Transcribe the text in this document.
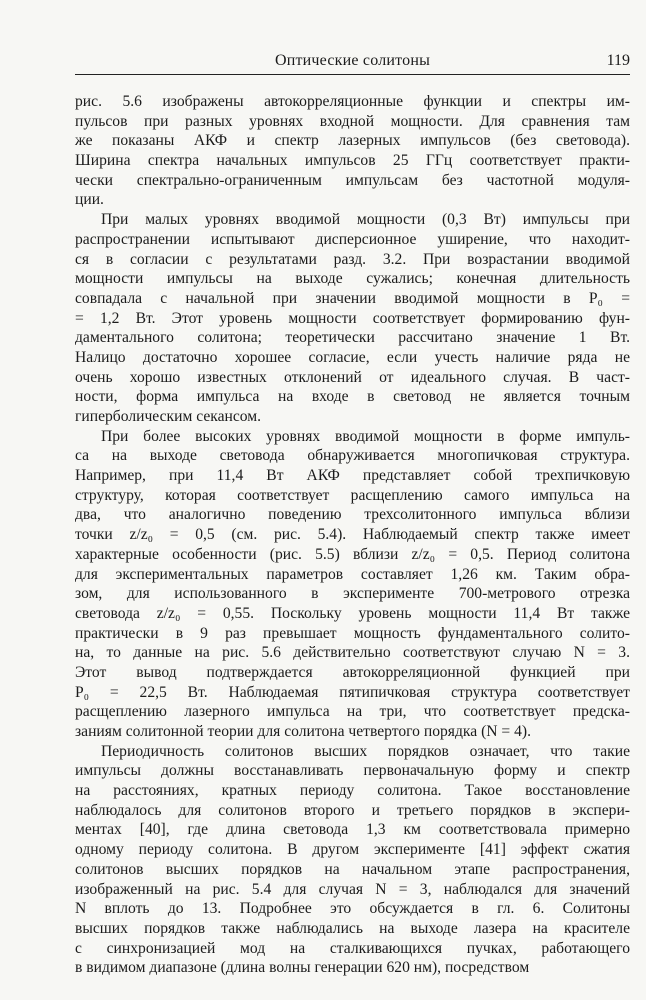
Оптические солитоны	119
рис. 5.6 изображены автокорреляционные функции и спектры им-
пульсов при разных уровнях входной мощности. Для сравнения там
же показаны АКФ и спектр лазерных импульсов (без световода).
Ширина спектра начальных импульсов 25 ГГц соответствует практи-
чески спектрально-ограниченным импульсам без частотной модуля-
ции.
При малых уровнях вводимой мощности (0,3 Вт) импульсы при
распространении испытывают дисперсионное уширение, что находит-
ся в согласии с результатами разд. 3.2. При возрастании вводимой
мощности импульсы на выходе сужались; конечная длительность
совпадала с начальной при значении вводимой мощности в P₀ =
= 1,2 Вт. Этот уровень мощности соответствует формированию фун-
даментального солитона; теоретически рассчитано значение 1 Вт.
Налицо достаточно хорошее согласие, если учесть наличие ряда не
очень хорошо известных отклонений от идеального случая. В част-
ности, форма импульса на входе в световод не является точным
гиперболическим секансом.
При более высоких уровнях вводимой мощности в форме импуль-
са на выходе световода обнаруживается многопичковая структура.
Например, при 11,4 Вт АКФ представляет собой трехпичковую
структуру, которая соответствует расщеплению самого импульса на
два, что аналогично поведению трехсолитонного импульса вблизи
точки z/z₀ = 0,5 (см. рис. 5.4). Наблюдаемый спектр также имеет
характерные особенности (рис. 5.5) вблизи z/z₀ = 0,5. Период солитона
для экспериментальных параметров составляет 1,26 км. Таким обра-
зом, для использованного в эксперименте 700-метрового отрезка
световода z/z₀ = 0,55. Поскольку уровень мощности 11,4 Вт также
практически в 9 раз превышает мощность фундаментального солито-
на, то данные на рис. 5.6 действительно соответствуют случаю N = 3.
Этот вывод подтверждается автокорреляционной функцией при
P₀ = 22,5 Вт. Наблюдаемая пятипичковая структура соответствует
расщеплению лазерного импульса на три, что соответствует предска-
заниям солитонной теории для солитона четвертого порядка (N = 4).
Периодичность солитонов высших порядков означает, что такие
импульсы должны восстанавливать первоначальную форму и спектр
на расстояниях, кратных периоду солитона. Такое восстановление
наблюдалось для солитонов второго и третьего порядков в экспери-
ментах [40], где длина световода 1,3 км соответствовала примерно
одному периоду солитона. В другом эксперименте [41] эффект сжатия
солитонов высших порядков на начальном этапе распространения,
изображенный на рис. 5.4 для случая N = 3, наблюдался для значений
N вплоть до 13. Подробнее это обсуждается в гл. 6. Солитоны
высших порядков также наблюдались на выходе лазера на красителе
с синхронизацией мод на сталкивающихся пучках, работающего
в видимом диапазоне (длина волны генерации 620 нм), посредством
